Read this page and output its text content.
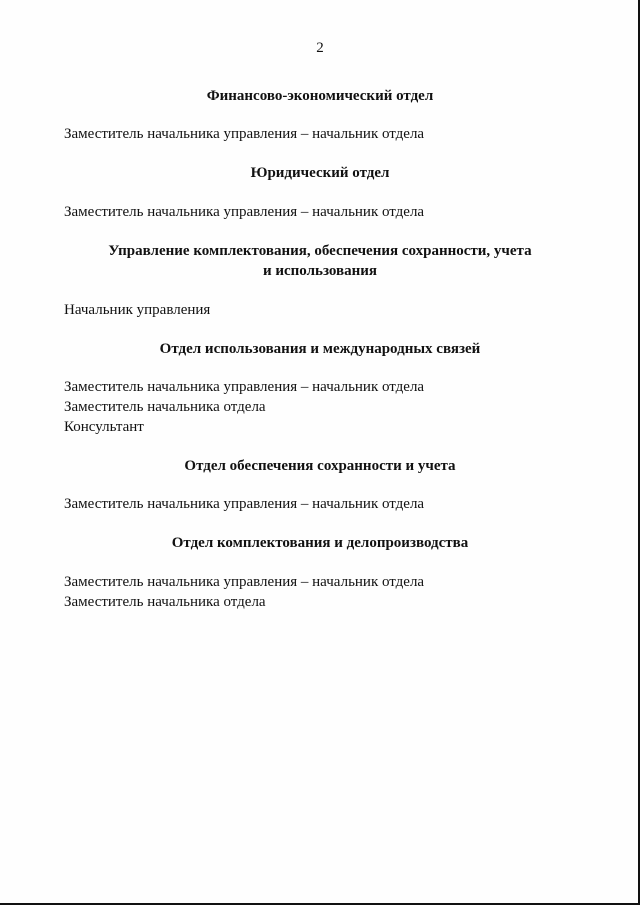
2
Финансово-экономический отдел
Заместитель начальника управления – начальник отдела
Юридический отдел
Заместитель начальника управления – начальник отдела
Управление комплектования, обеспечения сохранности, учета
и использования
Начальник управления
Отдел использования и международных связей
Заместитель начальника управления – начальник отдела
Заместитель начальника отдела
Консультант
Отдел обеспечения сохранности и учета
Заместитель начальника управления – начальник отдела
Отдел комплектования и делопроизводства
Заместитель начальника управления – начальник отдела
Заместитель начальника отдела
